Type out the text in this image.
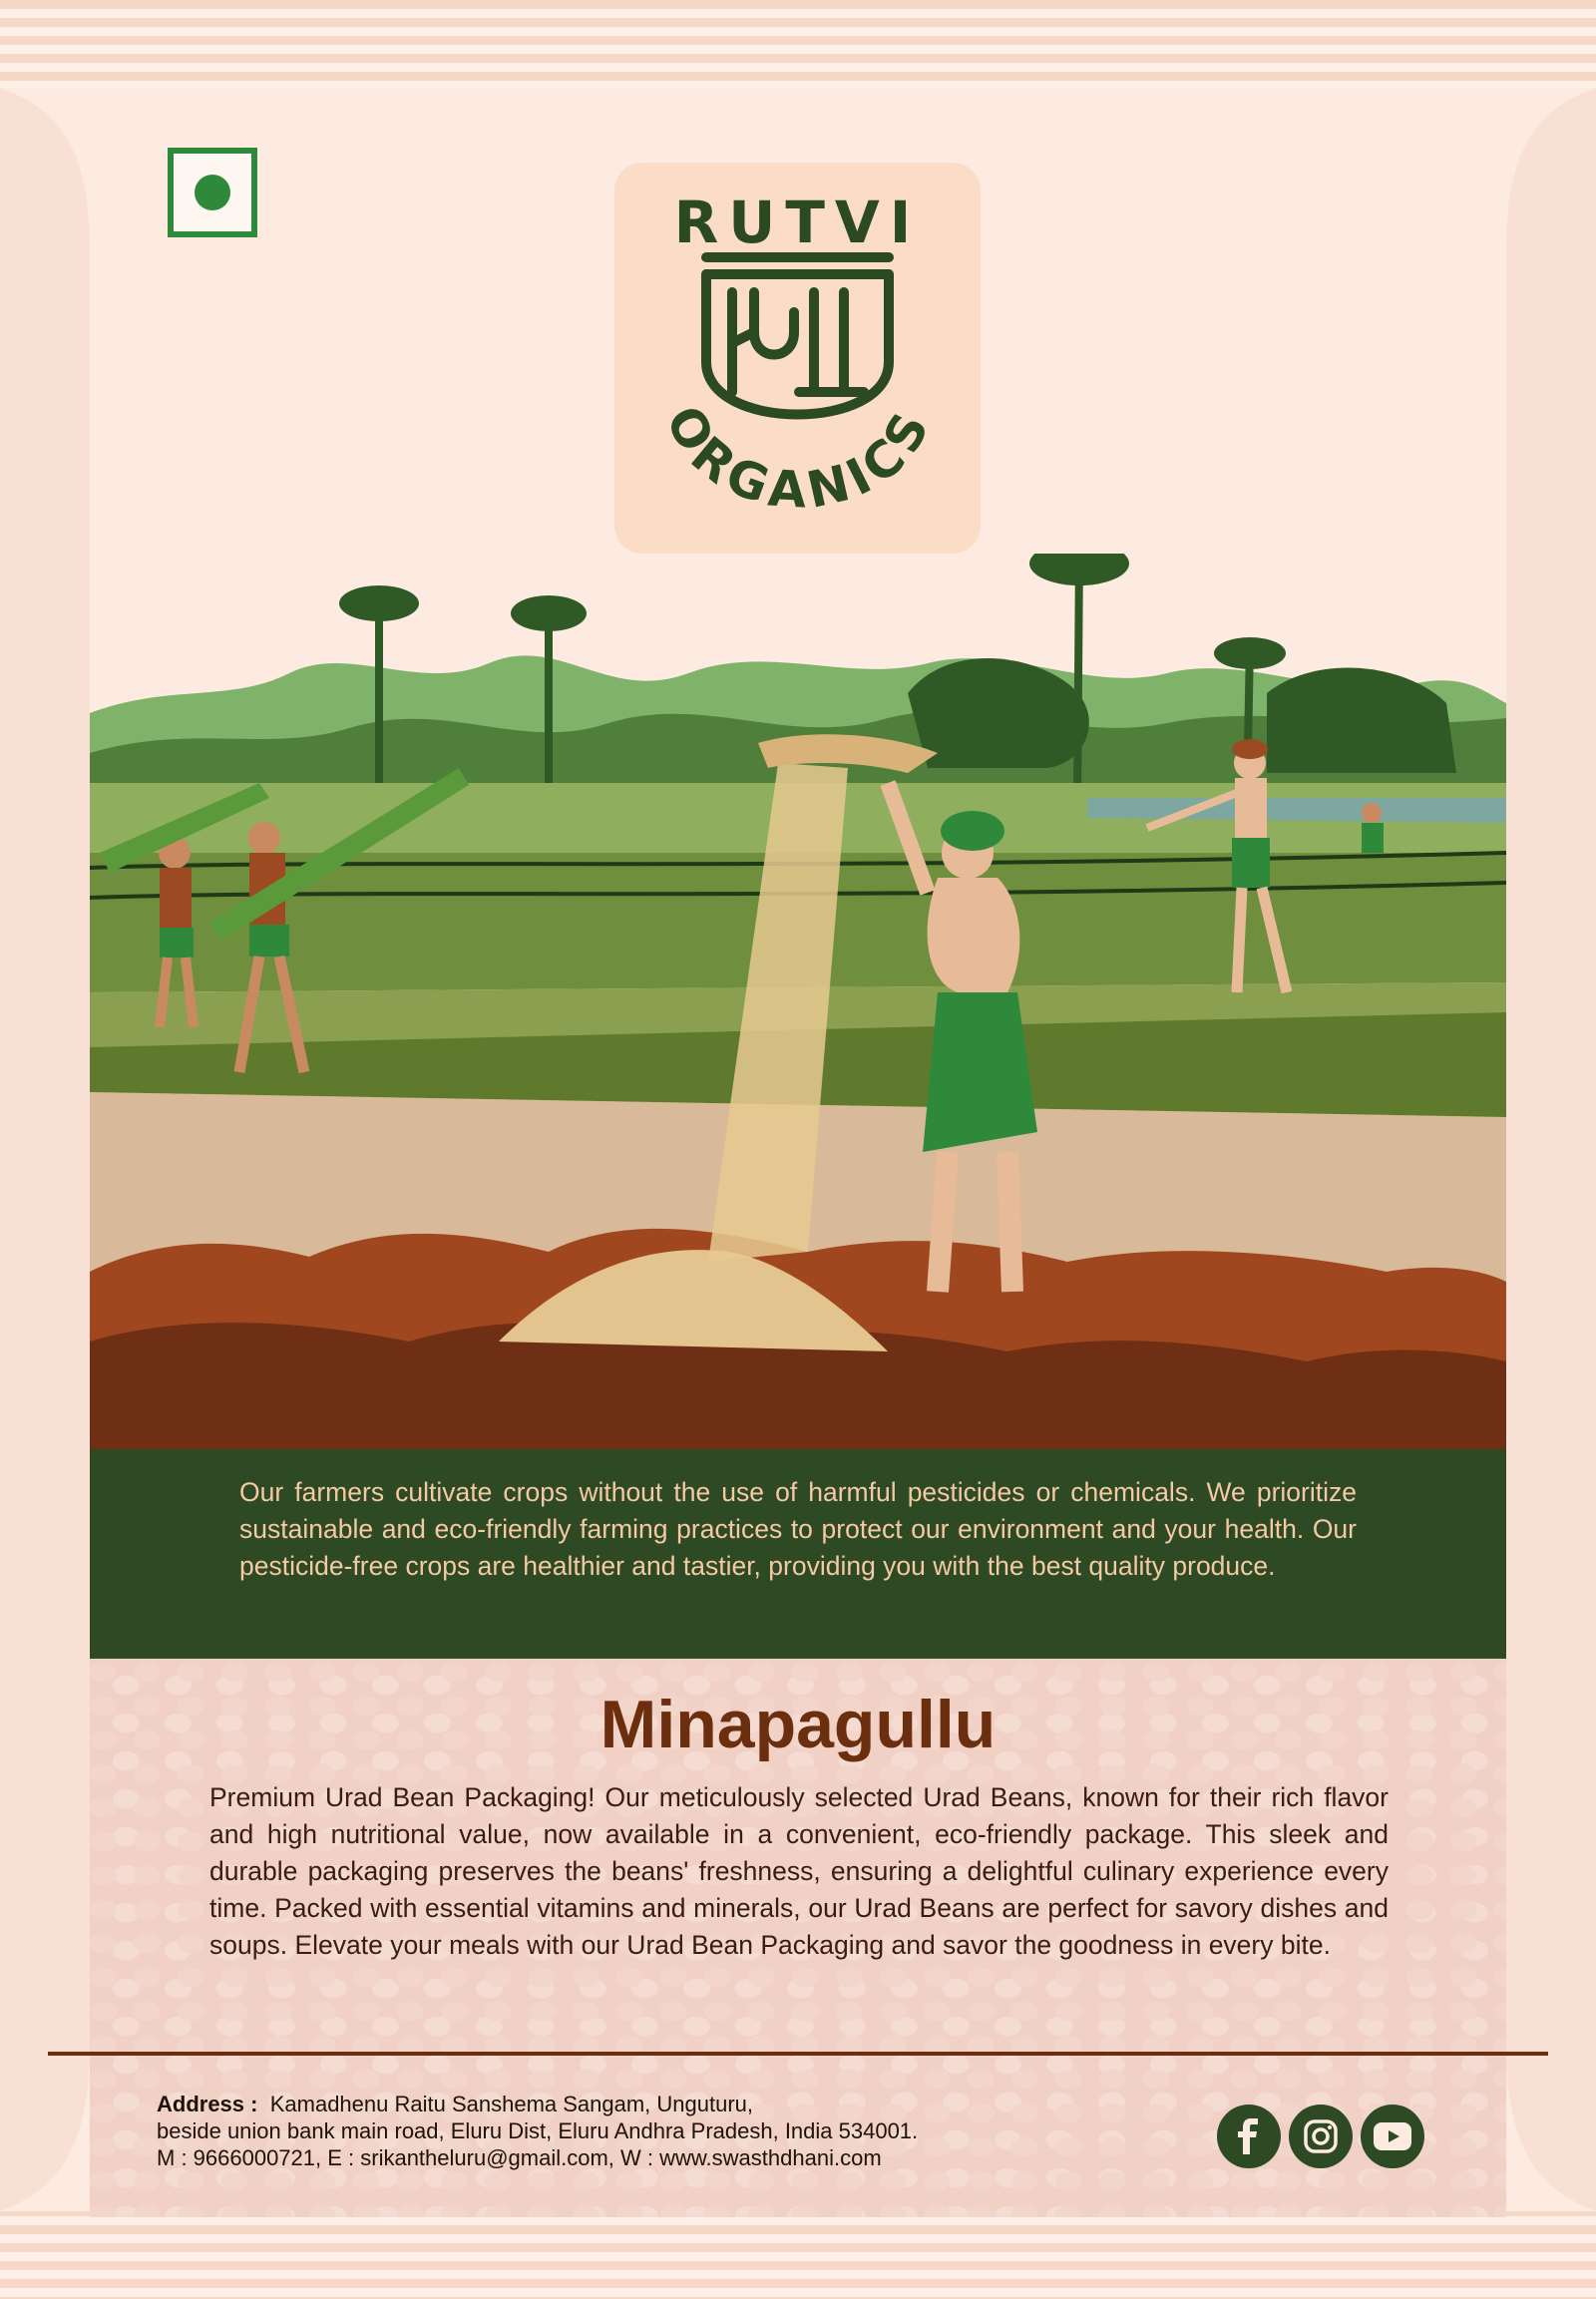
RUTVI
ORGANICS
Our farmers cultivate crops without the use of harmful pesticides or chemicals. We prioritize sustainable and eco-friendly farming practices to protect our environment and your health. Our pesticide-free crops are healthier and tastier, providing you with the best quality produce.
Minapagullu
Premium Urad Bean Packaging! Our meticulously selected Urad Beans, known for their rich flavor and high nutritional value, now available in a convenient, eco-friendly package. This sleek and durable packaging preserves the beans' freshness, ensuring a delightful culinary experience every time. Packed with essential vitamins and minerals, our Urad Beans are perfect for savory dishes and soups. Elevate your meals with our Urad Bean Packaging and savor the goodness in every bite.
Address : Kamadhenu Raitu Sanshema Sangam, Unguturu,
beside union bank main road, Eluru Dist, Eluru Andhra Pradesh, India 534001.
M : 9666000721, E : srikantheluru@gmail.com, W : www.swasthdhani.com
